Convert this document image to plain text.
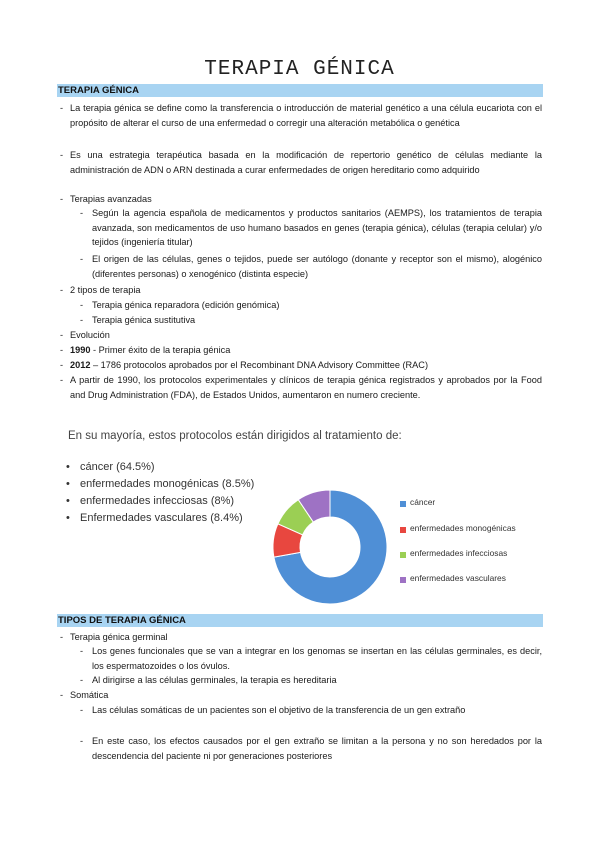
TERAPIA GÉNICA
TERAPIA GÉNICA
- La terapia génica se define como la transferencia o introducción de material genético a una célula eucariota con el propósito de alterar el curso de una enfermedad o corregir una alteración metabólica o genética
- Es una estrategia terapéutica basada en la modificación de repertorio genético de células mediante la administración de ADN o ARN destinada a curar enfermedades de origen hereditario como adquirido
- Terapias avanzadas
- Según la agencia española de medicamentos y productos sanitarios (AEMPS), los tratamientos de terapia avanzada, son medicamentos de uso humano basados en genes (terapia génica), células (terapia celular) y/o tejidos (ingeniería titular)
- El origen de las células, genes o tejidos, puede ser autólogo (donante y receptor son el mismo), alogénico (diferentes personas) o xenogénico (distinta especie)
- 2 tipos de terapia
- Terapia génica reparadora (edición genómica)
- Terapia génica sustitutiva
- Evolución
- 1990 - Primer éxito de la terapia génica
- 2012 – 1786 protocolos aprobados por el Recombinant DNA Advisory Committee (RAC)
- A partir de 1990, los protocolos experimentales y clínicos de terapia génica registrados y aprobados por la Food and Drug Administration (FDA), de Estados Unidos, aumentaron en numero creciente.
En su mayoría, estos protocolos están dirigidos al tratamiento de:
• cáncer (64.5%)
• enfermedades monogénicas (8.5%)
• enfermedades infecciosas (8%)
• Enfermedades vasculares (8.4%)
cáncer
enfermedades monogénicas
enfermedades infecciosas
enfermedades vasculares
TIPOS DE TERAPIA GÉNICA
- Terapia génica germinal
- Los genes funcionales que se van a integrar en los genomas se insertan en las células germinales, es decir, los espermatozoides o los óvulos.
- Al dirigirse a las células germinales, la terapia es hereditaria
- Somática
- Las células somáticas de un pacientes son el objetivo de la transferencia de un gen extraño
- En este caso, los efectos causados por el gen extraño se limitan a la persona y no son heredados por la descendencia del paciente ni por generaciones posteriores
